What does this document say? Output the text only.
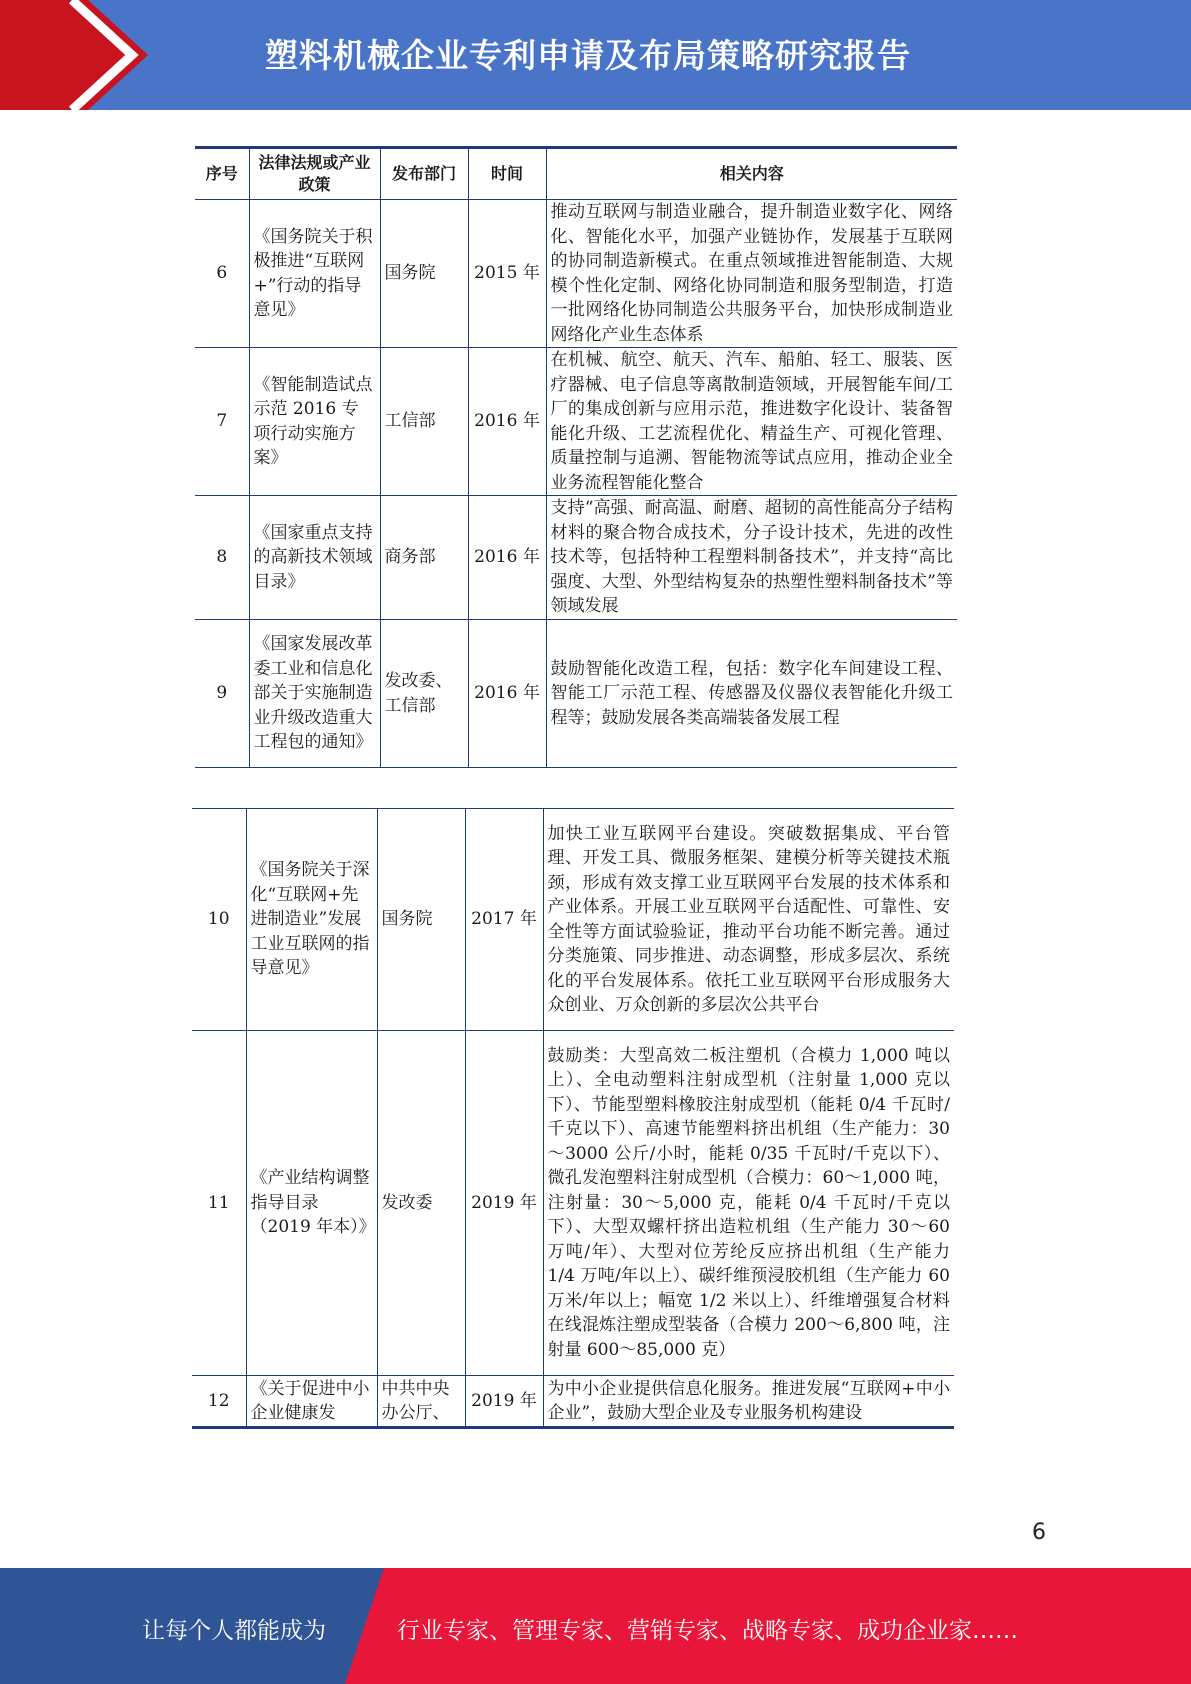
塑料机械企业专利申请及布局策略研究报告
序号	法律法规或产业政策	发布部门	时间	相关内容
6	《国务院关于积极推进“互联网+”行动的指导意见》	国务院	2015 年	推动互联网与制造业融合，提升制造业数字化、网络化、智能化水平，加强产业链协作，发展基于互联网的协同制造新模式。在重点领域推进智能制造、大规模个性化定制、网络化协同制造和服务型制造，打造一批网络化协同制造公共服务平台，加快形成制造业网络化产业生态体系
7	《智能制造试点示范 2016 专项行动实施方案》	工信部	2016 年	在机械、航空、航天、汽车、船舶、轻工、服装、医疗器械、电子信息等离散制造领域，开展智能车间/工厂的集成创新与应用示范，推进数字化设计、装备智能化升级、工艺流程优化、精益生产、可视化管理、质量控制与追溯、智能物流等试点应用，推动企业全业务流程智能化整合
8	《国家重点支持的高新技术领域目录》	商务部	2016 年	支持“高强、耐高温、耐磨、超韧的高性能高分子结构材料的聚合物合成技术，分子设计技术，先进的改性技术等，包括特种工程塑料制备技术”，并支持“高比强度、大型、外型结构复杂的热塑性塑料制备技术”等领域发展
9	《国家发展改革委工业和信息化部关于实施制造业升级改造重大工程包的通知》	发改委、工信部	2016 年	鼓励智能化改造工程，包括：数字化车间建设工程、智能工厂示范工程、传感器及仪器仪表智能化升级工程等；鼓励发展各类高端装备发展工程
10	《国务院关于深化“互联网+先进制造业”发展工业互联网的指导意见》	国务院	2017 年	加快工业互联网平台建设。突破数据集成、平台管理、开发工具、微服务框架、建模分析等关键技术瓶颈，形成有效支撑工业互联网平台发展的技术体系和产业体系。开展工业互联网平台适配性、可靠性、安全性等方面试验验证，推动平台功能不断完善。通过分类施策、同步推进、动态调整，形成多层次、系统化的平台发展体系。依托工业互联网平台形成服务大众创业、万众创新的多层次公共平台
11	《产业结构调整指导目录（2019 年本）》	发改委	2019 年	鼓励类：大型高效二板注塑机（合模力 1,000 吨以上）、全电动塑料注射成型机（注射量 1,000 克以下）、节能型塑料橡胶注射成型机（能耗 0/4 千瓦时/千克以下）、高速节能塑料挤出机组（生产能力：30～3000 公斤/小时，能耗 0/35 千瓦时/千克以下）、微孔发泡塑料注射成型机（合模力：60～1,000 吨，注射量：30～5,000 克，能耗 0/4 千瓦时/千克以下）、大型双螺杆挤出造粒机组（生产能力 30～60 万吨/年）、大型对位芳纶反应挤出机组（生产能力 1/4 万吨/年以上）、碳纤维预浸胶机组（生产能力 60 万米/年以上；幅宽 1/2 米以上）、纤维增强复合材料在线混炼注塑成型装备（合模力 200～6,800 吨，注射量 600～85,000 克）
12	《关于促进中小企业健康发	中共中央办公厅、	2019 年	为中小企业提供信息化服务。推进发展“互联网+中小企业”，鼓励大型企业及专业服务机构建设
6
让每个人都能成为	行业专家、管理专家、营销专家、战略专家、成功企业家……
